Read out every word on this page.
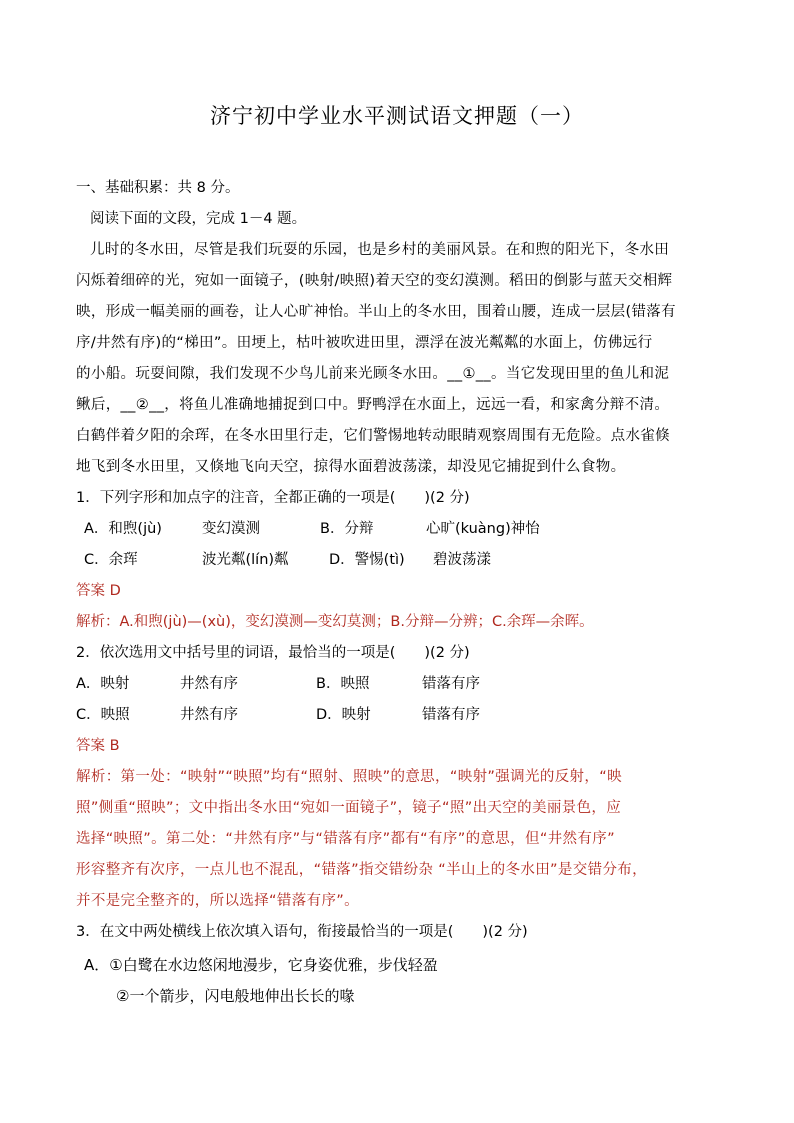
济宁初中学业水平测试语文押题（一）
一、基础积累：共 8 分。
阅读下面的文段，完成 1－4 题。
儿时的冬水田，尽管是我们玩耍的乐园，也是乡村的美丽风景。在和煦的阳光下，冬水田
闪烁着细碎的光，宛如一面镜子，(映射/映照)着天空的变幻漠测。稻田的倒影与蓝天交相辉
映，形成一幅美丽的画卷，让人心旷神怡。半山上的冬水田，围着山腰，连成一层层(错落有
序/井然有序)的“梯田”。田埂上，枯叶被吹进田里，漂浮在波光粼粼的水面上，仿佛远行
的小船。玩耍间隙，我们发现不少鸟儿前来光顾冬水田。__①__。当它发现田里的鱼儿和泥
鳅后，__②__，将鱼儿准确地捕捉到口中。野鸭浮在水面上，远远一看，和家禽分辩不清。
白鹤伴着夕阳的余珲，在冬水田里行走，它们警惕地转动眼睛观察周围有无危险。点水雀倏
地飞到冬水田里，又倏地飞向天空，掠得水面碧波荡漾，却没见它捕捉到什么食物。
1．下列字形和加点字的注音，全都正确的一项是(　　)(2 分)
A．和煦(jù)	变幻漠测	B．分辩	心旷(kuàng)神怡
C．余珲	波光粼(lín)粼	D．警惕(tì) 碧波荡漾
答案 D
解析：A.和煦(jù)—(xù)，变幻漠测—变幻莫测；B.分辩—分辨；C.余珲—余晖。
2．依次选用文中括号里的词语，最恰当的一项是(　　)(2 分)
A．映射	井然有序	B．映照	错落有序
C．映照	井然有序	D．映射	错落有序
答案 B
解析：第一处：“映射”“映照”均有“照射、照映”的意思，“映射”强调光的反射，“映
照”侧重“照映”；文中指出冬水田“宛如一面镜子”，镜子“照”出天空的美丽景色，应
选择“映照”。第二处：“井然有序”与“错落有序”都有“有序”的意思，但“井然有序”
形容整齐有次序，一点儿也不混乱，“错落”指交错纷杂 “半山上的冬水田”是交错分布，
并不是完全整齐的，所以选择“错落有序”。
3．在文中两处横线上依次填入语句，衔接最恰当的一项是(　　)(2 分)
A．①白鹭在水边悠闲地漫步，它身姿优雅，步伐轻盈
②一个箭步，闪电般地伸出长长的喙
